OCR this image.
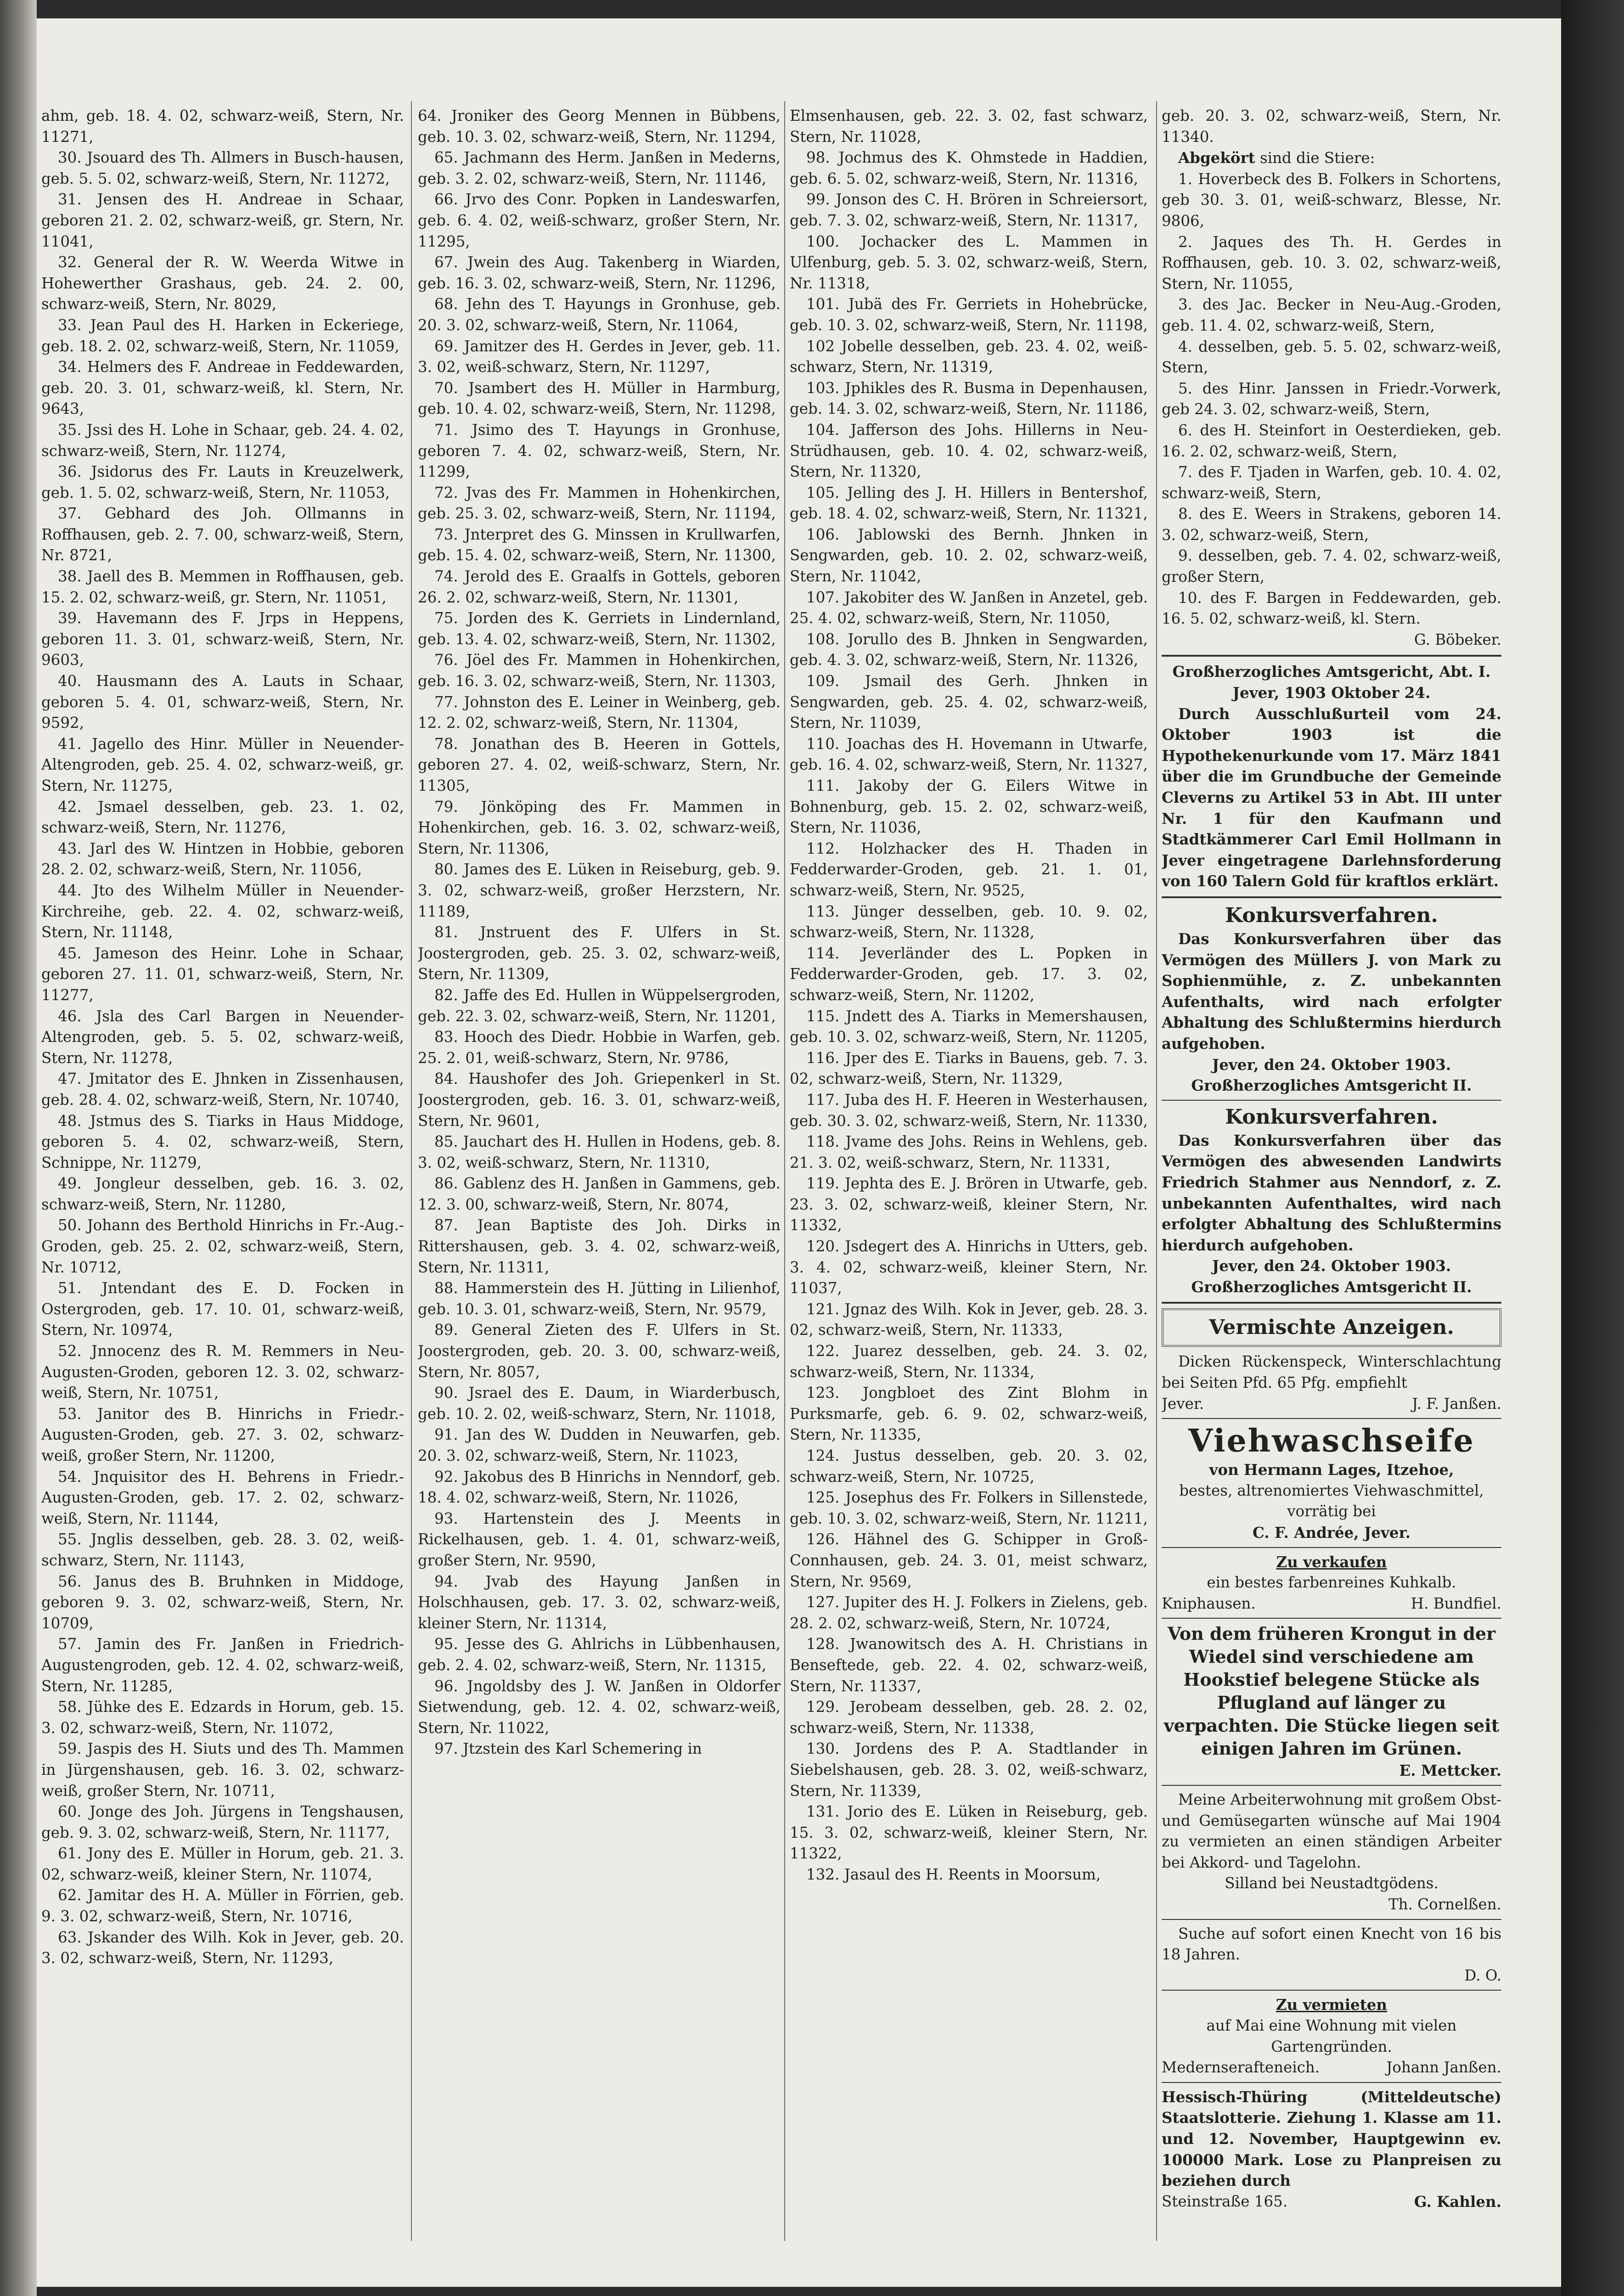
ahm, geb. 18. 4. 02, schwarz-weiß, Stern, Nr. 11271,

30. Jsouard des Th. Allmers in Busch-hausen, geb. 5. 5. 02, schwarz-weiß, Stern, Nr. 11272,

31. Jensen des H. Andreae in Schaar, geboren 21. 2. 02, schwarz-weiß, gr. Stern, Nr. 11041,

32. General der R. W. Weerda Witwe in Hohewerther Grashaus, geb. 24. 2. 00, schwarz-weiß, Stern, Nr. 8029,

33. Jean Paul des H. Harken in Eckeriege, geb. 18. 2. 02, schwarz-weiß, Stern, Nr. 11059,

34. Helmers des F. Andreae in Feddewarden, geb. 20. 3. 01, schwarz-weiß, kl. Stern, Nr. 9643,

35. Jssi des H. Lohe in Schaar, geb. 24. 4. 02, schwarz-weiß, Stern, Nr. 11274,

36. Jsidorus des Fr. Lauts in Kreuzelwerk, geb. 1. 5. 02, schwarz-weiß, Stern, Nr. 11053,

37. Gebhard des Joh. Ollmanns in Roffhausen, geb. 2. 7. 00, schwarz-weiß, Stern, Nr. 8721,

38. Jaell des B. Memmen in Roffhausen, geb. 15. 2. 02, schwarz-weiß, gr. Stern, Nr. 11051,

39. Havemann des F. Jrps in Heppens, geboren 11. 3. 01, schwarz-weiß, Stern, Nr. 9603,

40. Hausmann des A. Lauts in Schaar, geboren 5. 4. 01, schwarz-weiß, Stern, Nr. 9592,

41. Jagello des Hinr. Müller in Neuender-Altengroden, geb. 25. 4. 02, schwarz-weiß, gr. Stern, Nr. 11275,

42. Jsmael desselben, geb. 23. 1. 02, schwarz-weiß, Stern, Nr. 11276,

43. Jarl des W. Hintzen in Hobbie, geboren 28. 2. 02, schwarz-weiß, Stern, Nr. 11056,

44. Jto des Wilhelm Müller in Neuender-Kirchreihe, geb. 22. 4. 02, schwarz-weiß, Stern, Nr. 11148,

45. Jameson des Heinr. Lohe in Schaar, geboren 27. 11. 01, schwarz-weiß, Stern, Nr. 11277,

46. Jsla des Carl Bargen in Neuender-Altengroden, geb. 5. 5. 02, schwarz-weiß, Stern, Nr. 11278,

47. Jmitator des E. Jhnken in Zissenhausen, geb. 28. 4. 02, schwarz-weiß, Stern, Nr. 10740,

48. Jstmus des S. Tiarks in Haus Middoge, geboren 5. 4. 02, schwarz-weiß, Stern, Schnippe, Nr. 11279,

49. Jongleur desselben, geb. 16. 3. 02, schwarz-weiß, Stern, Nr. 11280,

50. Johann des Berthold Hinrichs in Fr.-Aug.-Groden, geb. 25. 2. 02, schwarz-weiß, Stern, Nr. 10712,

51. Jntendant des E. D. Focken in Ostergroden, geb. 17. 10. 01, schwarz-weiß, Stern, Nr. 10974,

52. Jnnocenz des R. M. Remmers in Neu-Augusten-Groden, geboren 12. 3. 02, schwarz-weiß, Stern, Nr. 10751,

53. Janitor des B. Hinrichs in Friedr.-Augusten-Groden, geb. 27. 3. 02, schwarz-weiß, großer Stern, Nr. 11200,

54. Jnquisitor des H. Behrens in Friedr.-Augusten-Groden, geb. 17. 2. 02, schwarz-weiß, Stern, Nr. 11144,

55. Jnglis desselben, geb. 28. 3. 02, weiß-schwarz, Stern, Nr. 11143,

56. Janus des B. Bruhnken in Middoge, geboren 9. 3. 02, schwarz-weiß, Stern, Nr. 10709,

57. Jamin des Fr. Janßen in Friedrich-Augustengroden, geb. 12. 4. 02, schwarz-weiß, Stern, Nr. 11285,

58. Jühke des E. Edzards in Horum, geb. 15. 3. 02, schwarz-weiß, Stern, Nr. 11072,

59. Jaspis des H. Siuts und des Th. Mammen in Jürgenshausen, geb. 16. 3. 02, schwarz-weiß, großer Stern, Nr. 10711,

60. Jonge des Joh. Jürgens in Tengshausen, geb. 9. 3. 02, schwarz-weiß, Stern, Nr. 11177,

61. Jony des E. Müller in Horum, geb. 21. 3. 02, schwarz-weiß, kleiner Stern, Nr. 11074,

62. Jamitar des H. A. Müller in Förrien, geb. 9. 3. 02, schwarz-weiß, Stern, Nr. 10716,

63. Jskander des Wilh. Kok in Jever, geb. 20. 3. 02, schwarz-weiß, Stern, Nr. 11293,

64. Jroniker des Georg Mennen in Bübbens, geb. 10. 3. 02, schwarz-weiß, Stern, Nr. 11294,

65. Jachmann des Herm. Janßen in Mederns, geb. 3. 2. 02, schwarz-weiß, Stern, Nr. 11146,

66. Jrvo des Conr. Popken in Landeswarfen, geb. 6. 4. 02, weiß-schwarz, großer Stern, Nr. 11295,

67. Jwein des Aug. Takenberg in Wiarden, geb. 16. 3. 02, schwarz-weiß, Stern, Nr. 11296,

68. Jehn des T. Hayungs in Gronhuse, geb. 20. 3. 02, schwarz-weiß, Stern, Nr. 11064,

69. Jamitzer des H. Gerdes in Jever, geb. 11. 3. 02, weiß-schwarz, Stern, Nr. 11297,

70. Jsambert des H. Müller in Harmburg, geb. 10. 4. 02, schwarz-weiß, Stern, Nr. 11298,

71. Jsimo des T. Hayungs in Gronhuse, geboren 7. 4. 02, schwarz-weiß, Stern, Nr. 11299,

72. Jvas des Fr. Mammen in Hohenkirchen, geb. 25. 3. 02, schwarz-weiß, Stern, Nr. 11194,

73. Jnterpret des G. Minssen in Krullwarfen, geb. 15. 4. 02, schwarz-weiß, Stern, Nr. 11300,

74. Jerold des E. Graalfs in Gottels, geboren 26. 2. 02, schwarz-weiß, Stern, Nr. 11301,

75. Jorden des K. Gerriets in Lindernland, geb. 13. 4. 02, schwarz-weiß, Stern, Nr. 11302,

76. Jöel des Fr. Mammen in Hohenkirchen, geb. 16. 3. 02, schwarz-weiß, Stern, Nr. 11303,

77. Johnston des E. Leiner in Weinberg, geb. 12. 2. 02, schwarz-weiß, Stern, Nr. 11304,

78. Jonathan des B. Heeren in Gottels, geboren 27. 4. 02, weiß-schwarz, Stern, Nr. 11305,

79. Jönköping des Fr. Mammen in Hohenkirchen, geb. 16. 3. 02, schwarz-weiß, Stern, Nr. 11306,

80. James des E. Lüken in Reiseburg, geb. 9. 3. 02, schwarz-weiß, großer Herzstern, Nr. 11189,

81. Jnstruent des F. Ulfers in St. Joostergroden, geb. 25. 3. 02, schwarz-weiß, Stern, Nr. 11309,

82. Jaffe des Ed. Hullen in Wüppelsergroden, geb. 22. 3. 02, schwarz-weiß, Stern, Nr. 11201,

83. Hooch des Diedr. Hobbie in Warfen, geb. 25. 2. 01, weiß-schwarz, Stern, Nr. 9786,

84. Haushofer des Joh. Griepenkerl in St. Joostergroden, geb. 16. 3. 01, schwarz-weiß, Stern, Nr. 9601,

85. Jauchart des H. Hullen in Hodens, geb. 8. 3. 02, weiß-schwarz, Stern, Nr. 11310,

86. Gablenz des H. Janßen in Gammens, geb. 12. 3. 00, schwarz-weiß, Stern, Nr. 8074,

87. Jean Baptiste des Joh. Dirks in Rittershausen, geb. 3. 4. 02, schwarz-weiß, Stern, Nr. 11311,

88. Hammerstein des H. Jütting in Lilienhof, geb. 10. 3. 01, schwarz-weiß, Stern, Nr. 9579,

89. General Zieten des F. Ulfers in St. Joostergroden, geb. 20. 3. 00, schwarz-weiß, Stern, Nr. 8057,

90. Jsrael des E. Daum, in Wiarderbusch, geb. 10. 2. 02, weiß-schwarz, Stern, Nr. 11018,

91. Jan des W. Dudden in Neuwarfen, geb. 20. 3. 02, schwarz-weiß, Stern, Nr. 11023,

92. Jakobus des B Hinrichs in Nenndorf, geb. 18. 4. 02, schwarz-weiß, Stern, Nr. 11026,

93. Hartenstein des J. Meents in Rickelhausen, geb. 1. 4. 01, schwarz-weiß, großer Stern, Nr. 9590,

94. Jvab des Hayung Janßen in Holschhausen, geb. 17. 3. 02, schwarz-weiß, kleiner Stern, Nr. 11314,

95. Jesse des G. Ahlrichs in Lübbenhausen, geb. 2. 4. 02, schwarz-weiß, Stern, Nr. 11315,

96. Jngoldsby des J. W. Janßen in Oldorfer Sietwendung, geb. 12. 4. 02, schwarz-weiß, Stern, Nr. 11022,

97. Jtzstein des Karl Schemering in

Elmsenhausen, geb. 22. 3. 02, fast schwarz, Stern, Nr. 11028,

98. Jochmus des K. Ohmstede in Haddien, geb. 6. 5. 02, schwarz-weiß, Stern, Nr. 11316,

99. Jonson des C. H. Brören in Schreiersort, geb. 7. 3. 02, schwarz-weiß, Stern, Nr. 11317,

100. Jochacker des L. Mammen in Ulfenburg, geb. 5. 3. 02, schwarz-weiß, Stern, Nr. 11318,

101. Jubä des Fr. Gerriets in Hohebrücke, geb. 10. 3. 02, schwarz-weiß, Stern, Nr. 11198,

102 Jobelle desselben, geb. 23. 4. 02, weiß-schwarz, Stern, Nr. 11319,

103. Jphikles des R. Busma in Depenhausen, geb. 14. 3. 02, schwarz-weiß, Stern, Nr. 11186,

104. Jafferson des Johs. Hillerns in Neu-Strüdhausen, geb. 10. 4. 02, schwarz-weiß, Stern, Nr. 11320,

105. Jelling des J. H. Hillers in Bentershof, geb. 18. 4. 02, schwarz-weiß, Stern, Nr. 11321,

106. Jablowski des Bernh. Jhnken in Sengwarden, geb. 10. 2. 02, schwarz-weiß, Stern, Nr. 11042,

107. Jakobiter des W. Janßen in Anzetel, geb. 25. 4. 02, schwarz-weiß, Stern, Nr. 11050,

108. Jorullo des B. Jhnken in Sengwarden, geb. 4. 3. 02, schwarz-weiß, Stern, Nr. 11326,

109. Jsmail des Gerh. Jhnken in Sengwarden, geb. 25. 4. 02, schwarz-weiß, Stern, Nr. 11039,

110. Joachas des H. Hovemann in Utwarfe, geb. 16. 4. 02, schwarz-weiß, Stern, Nr. 11327,

111. Jakoby der G. Eilers Witwe in Bohnenburg, geb. 15. 2. 02, schwarz-weiß, Stern, Nr. 11036,

112. Holzhacker des H. Thaden in Fedderwarder-Groden, geb. 21. 1. 01, schwarz-weiß, Stern, Nr. 9525,

113. Jünger desselben, geb. 10. 9. 02, schwarz-weiß, Stern, Nr. 11328,

114. Jeverländer des L. Popken in Fedderwarder-Groden, geb. 17. 3. 02, schwarz-weiß, Stern, Nr. 11202,

115. Jndett des A. Tiarks in Memershausen, geb. 10. 3. 02, schwarz-weiß, Stern, Nr. 11205,

116. Jper des E. Tiarks in Bauens, geb. 7. 3. 02, schwarz-weiß, Stern, Nr. 11329,

117. Juba des H. F. Heeren in Westerhausen, geb. 30. 3. 02, schwarz-weiß, Stern, Nr. 11330,

118. Jvame des Johs. Reins in Wehlens, geb. 21. 3. 02, weiß-schwarz, Stern, Nr. 11331,

119. Jephta des E. J. Brören in Utwarfe, geb. 23. 3. 02, schwarz-weiß, kleiner Stern, Nr. 11332,

120. Jsdegert des A. Hinrichs in Utters, geb. 3. 4. 02, schwarz-weiß, kleiner Stern, Nr. 11037,

121. Jgnaz des Wilh. Kok in Jever, geb. 28. 3. 02, schwarz-weiß, Stern, Nr. 11333,

122. Juarez desselben, geb. 24. 3. 02, schwarz-weiß, Stern, Nr. 11334,

123. Jongbloet des Zint Blohm in Purksmarfe, geb. 6. 9. 02, schwarz-weiß, Stern, Nr. 11335,

124. Justus desselben, geb. 20. 3. 02, schwarz-weiß, Stern, Nr. 10725,

125. Josephus des Fr. Folkers in Sillenstede, geb. 10. 3. 02, schwarz-weiß, Stern, Nr. 11211,

126. Hähnel des G. Schipper in Groß-Connhausen, geb. 24. 3. 01, meist schwarz, Stern, Nr. 9569,

127. Jupiter des H. J. Folkers in Zielens, geb. 28. 2. 02, schwarz-weiß, Stern, Nr. 10724,

128. Jwanowitsch des A. H. Christians in Benseftede, geb. 22. 4. 02, schwarz-weiß, Stern, Nr. 11337,

129. Jerobeam desselben, geb. 28. 2. 02, schwarz-weiß, Stern, Nr. 11338,

130. Jordens des P. A. Stadtlander in Siebelshausen, geb. 28. 3. 02, weiß-schwarz, Stern, Nr. 11339,

131. Jorio des E. Lüken in Reiseburg, geb. 15. 3. 02, schwarz-weiß, kleiner Stern, Nr. 11322,

132. Jasaul des H. Reents in Moorsum,

geb. 20. 3. 02, schwarz-weiß, Stern, Nr. 11340.

Abgekört sind die Stiere:

1. Hoverbeck des B. Folkers in Schortens, geb 30. 3. 01, weiß-schwarz, Blesse, Nr. 9806,

2. Jaques des Th. H. Gerdes in Roffhausen, geb. 10. 3. 02, schwarz-weiß, Stern, Nr. 11055,

3. des Jac. Becker in Neu-Aug.-Groden, geb. 11. 4. 02, schwarz-weiß, Stern,

4. desselben, geb. 5. 5. 02, schwarz-weiß, Stern,

5. des Hinr. Janssen in Friedr.-Vorwerk, geb 24. 3. 02, schwarz-weiß, Stern,

6. des H. Steinfort in Oesterdieken, geb. 16. 2. 02, schwarz-weiß, Stern,

7. des F. Tjaden in Warfen, geb. 10. 4. 02, schwarz-weiß, Stern,

8. des E. Weers in Strakens, geboren 14. 3. 02, schwarz-weiß, Stern,

9. desselben, geb. 7. 4. 02, schwarz-weiß, großer Stern,

10. des F. Bargen in Feddewarden, geb. 16. 5. 02, schwarz-weiß, kl. Stern.

G. Böbeker.

Großherzogliches Amtsgericht, Abt. I.

Jever, 1903 Oktober 24.

Durch Ausschlußurteil vom 24. Oktober 1903 ist die Hypothekenurkunde vom 17. März 1841 über die im Grundbuche der Gemeinde Cleverns zu Artikel 53 in Abt. III unter Nr. 1 für den Kaufmann und Stadtkämmerer Carl Emil Hollmann in Jever eingetragene Darlehnsforderung von 160 Talern Gold für kraftlos erklärt.

Konkursverfahren.

Das Konkursverfahren über das Vermögen des Müllers J. von Mark zu Sophienmühle, z. Z. unbekannten Aufenthalts, wird nach erfolgter Abhaltung des Schlußtermins hierdurch aufgehoben.

Jever, den 24. Oktober 1903.

Großherzogliches Amtsgericht II.

Konkursverfahren.

Das Konkursverfahren über das Vermögen des abwesenden Landwirts Friedrich Stahmer aus Nenndorf, z. Z. unbekannten Aufenthaltes, wird nach erfolgter Abhaltung des Schlußtermins hierdurch aufgehoben.

Jever, den 24. Oktober 1903.

Großherzogliches Amtsgericht II.

Vermischte Anzeigen.

Dicken Rückenspeck, Winterschlachtung bei Seiten Pfd. 65 Pfg. empfiehlt

Jever.	J. F. Janßen.

Viehwaschseife

von Hermann Lages, Itzehoe,

bestes, altrenomiertes Viehwaschmittel, vorrätig bei

C. F. Andrée, Jever.

Zu verkaufen

ein bestes farbenreines Kuhkalb.

Kniphausen.	H. Bundfiel.

Von dem früheren Krongut in der Wiedel sind verschiedene am Hookstief belegene Stücke als Pflugland auf länger zu verpachten. Die Stücke liegen seit einigen Jahren im Grünen.

E. Mettcker.

Meine Arbeiterwohnung mit großem Obst- und Gemüsegarten wünsche auf Mai 1904 zu vermieten an einen ständigen Arbeiter bei Akkord- und Tagelohn.

Silland bei Neustadtgödens.

Th. Cornelßen.

Suche auf sofort einen Knecht von 16 bis 18 Jahren.

D. O.

Zu vermieten

auf Mai eine Wohnung mit vielen Gartengründen.

Medernserafteneich.	Johann Janßen.

Hessisch-Thüring (Mitteldeutsche) Staatslotterie. Ziehung 1. Klasse am 11. und 12. November, Hauptgewinn ev. 100000 Mark. Lose zu Planpreisen zu beziehen durch

Steinstraße 165.	G. Kahlen.
